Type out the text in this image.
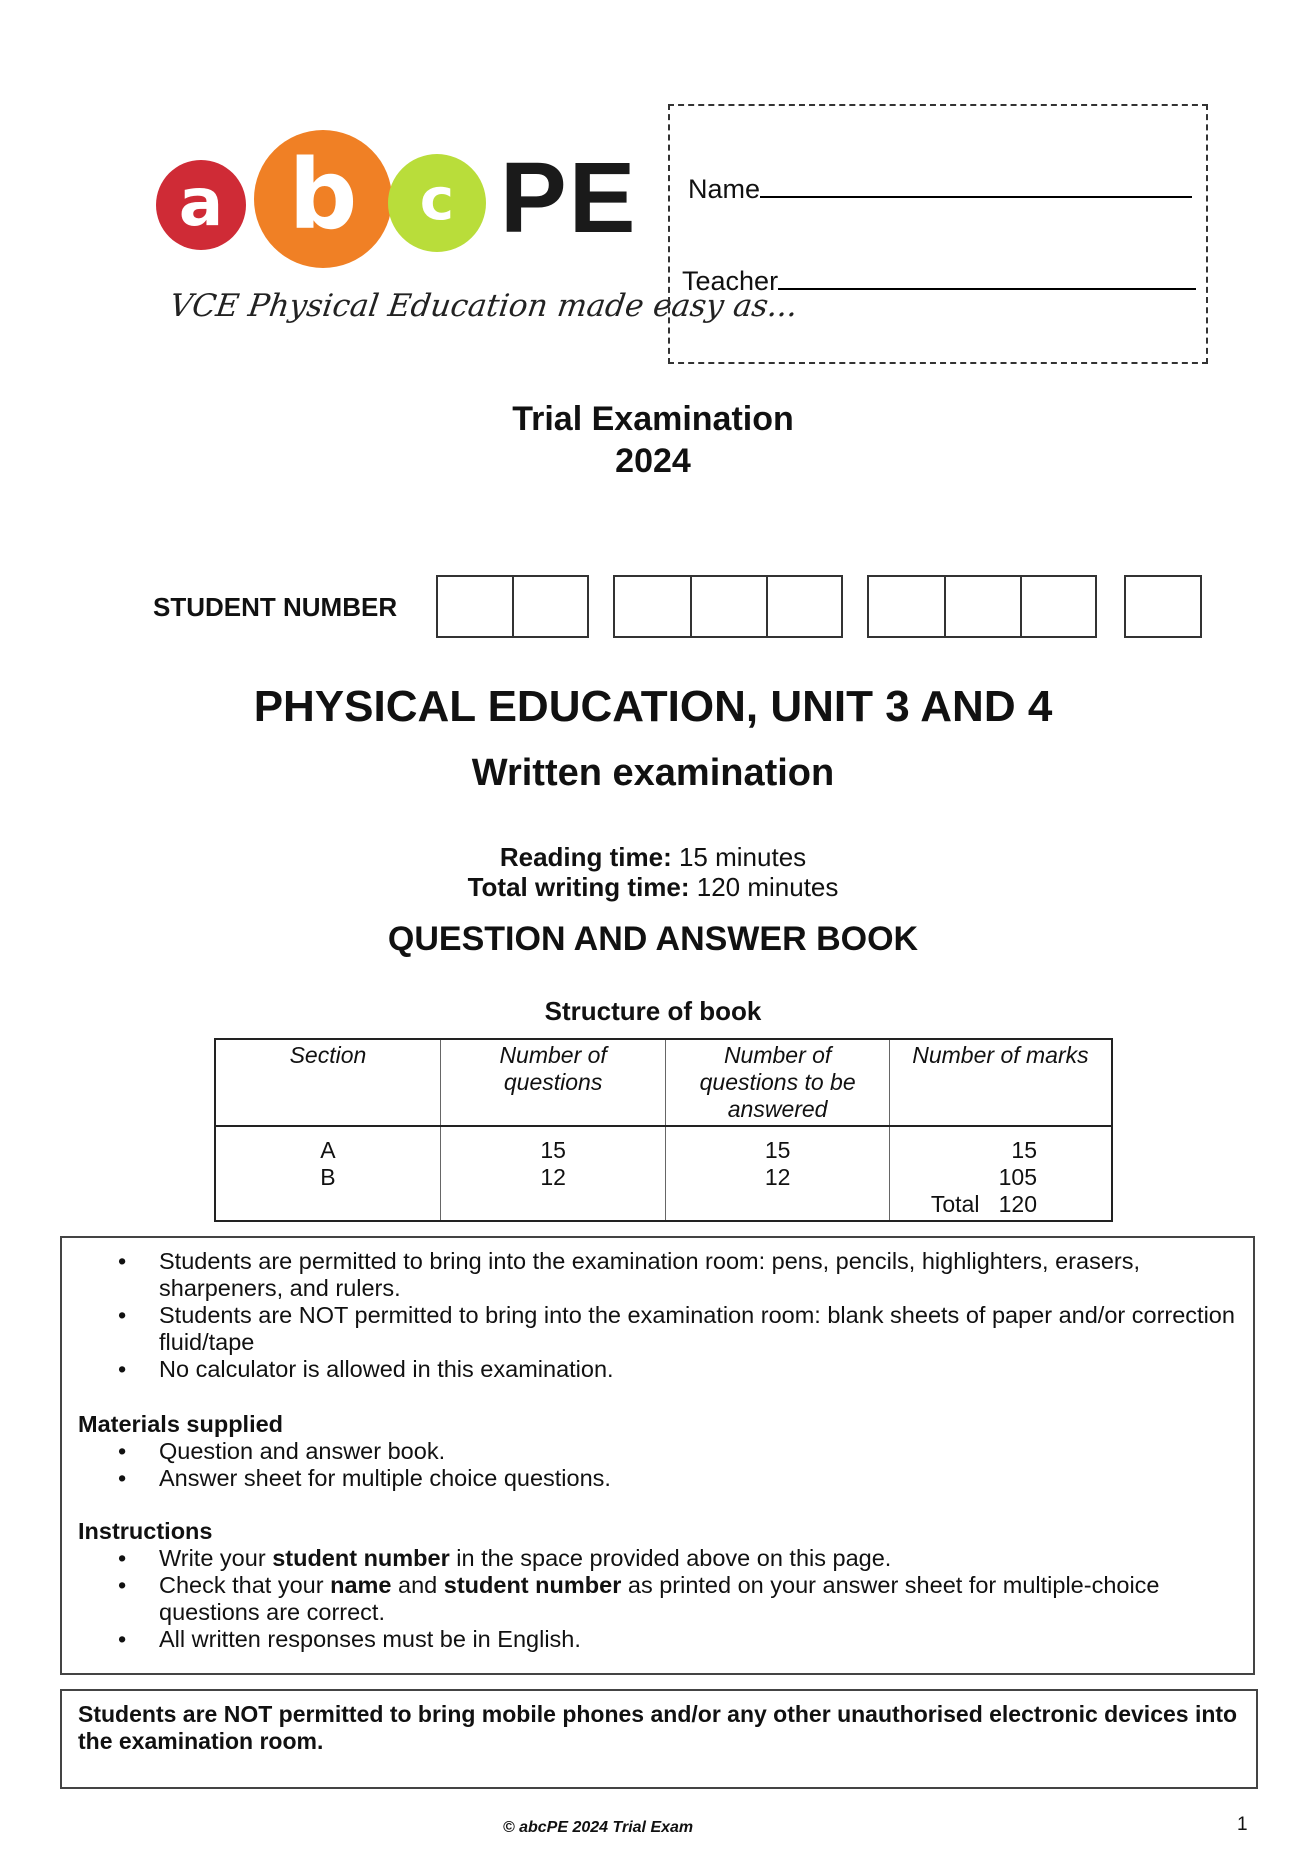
a b	c PE
VCE Physical Education made easy as...
Name
Teacher
Trial Examination
2024
STUDENT NUMBER
PHYSICAL EDUCATION, UNIT 3 AND 4
Written examination
Reading time: 15 minutes
Total writing time: 120 minutes
QUESTION AND ANSWER BOOK
Structure of book
Section	Number of questions	Number of questions to be answered	Number of marks
A	15	15	15
B	12	12	105
			Total 120
• Students are permitted to bring into the examination room: pens, pencils, highlighters, erasers, sharpeners, and rulers.
• Students are NOT permitted to bring into the examination room: blank sheets of paper and/or correction fluid/tape
• No calculator is allowed in this examination.
Materials supplied
• Question and answer book.
• Answer sheet for multiple choice questions.
Instructions
• Write your student number in the space provided above on this page.
• Check that your name and student number as printed on your answer sheet for multiple-choice questions are correct.
• All written responses must be in English.
Students are NOT permitted to bring mobile phones and/or any other unauthorised electronic devices into the examination room.
© abcPE 2024 Trial Exam	1
